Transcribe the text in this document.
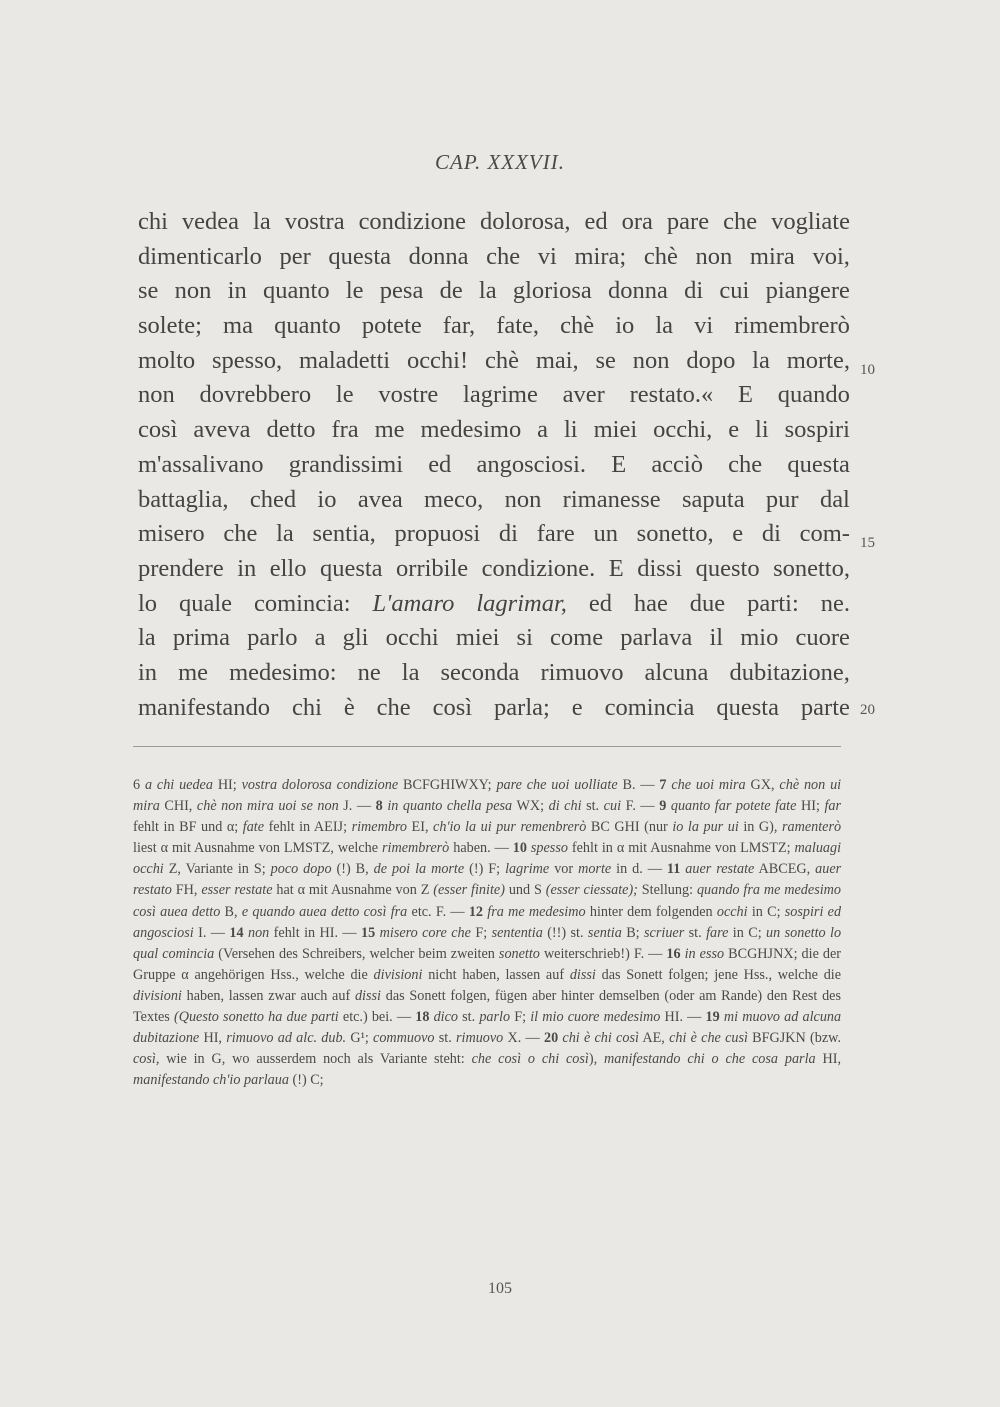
CAP. XXXVII.
chi vedea la vostra condizione dolorosa, ed ora pare che vogliate
dimenticarlo per questa donna che vi mira; chè non mira voi,
se non in quanto le pesa de la gloriosa donna di cui piangere
solete; ma quanto potete far, fate, chè io la vi rimembrerò
molto spesso, maladetti occhi! chè mai, se non dopo la morte,
non dovrebbero le vostre lagrime aver restato.« E quando
così aveva detto fra me medesimo a li miei occhi, e li sospiri
m'assalivano grandissimi ed angosciosi. E acciò che questa
battaglia, ched io avea meco, non rimanesse saputa pur dal
misero che la sentia, propuosi di fare un sonetto, e di com-
prendere in ello questa orribile condizione. E dissi questo sonetto,
lo quale comincia: L'amaro lagrimar, ed hae due parti: ne.
la prima parlo a gli occhi miei si come parlava il mio cuore
in me medesimo: ne la seconda rimuovo alcuna dubitazione,
manifestando chi è che così parla; e comincia questa parte
10
15
20
6 a chi uedea HI; vostra dolorosa condizione BCFGHIWXY; pare che uoi uolliate B. — 7 che uoi mira GX, chè non ui mira CHI, chè non mira uoi se non J. — 8 in quanto chella pesa WX; di chi st. cui F. — 9 quanto far potete fate HI; far fehlt in BF und α; fate fehlt in AEIJ; rimembro EI, ch'io la ui pur remenbrerò BC GHI (nur io la pur ui in G), ramenterò liest α mit Ausnahme von LMSTZ, welche rimembrerò haben. — 10 spesso fehlt in α mit Ausnahme von LMSTZ; maluagi occhi Z, Variante in S; poco dopo (!) B, de poi la morte (!) F; lagrime vor morte in d. — 11 auer restate ABCEG, auer restato FH, esser restate hat α mit Ausnahme von Z (esser finite) und S (esser ciessate); Stellung: quando fra me medesimo così auea detto B, e quando auea detto così fra etc. F. — 12 fra me medesimo hinter dem folgenden occhi in C; sospiri ed angosciosi I. — 14 non fehlt in HI. — 15 misero core che F; sententia (!!) st. sentia B; scriuer st. fare in C; un sonetto lo qual comincia (Versehen des Schreibers, welcher beim zweiten sonetto weiterschrieb!) F. — 16 in esso BCGHJNX; die der Gruppe α angehörigen Hss., welche die divisioni nicht haben, lassen auf dissi das Sonett folgen; jene Hss., welche die divisioni haben, lassen zwar auch auf dissi das Sonett folgen, fügen aber hinter demselben (oder am Rande) den Rest des Textes (Questo sonetto ha due parti etc.) bei. — 18 dico st. parlo F; il mio cuore medesimo HI. — 19 mi muovo ad alcuna dubitazione HI, rimuovo ad alc. dub. G¹; commuovo st. rimuovo X. — 20 chi è chi così AE, chi è che cusì BFGJKN (bzw. così, wie in G, wo ausserdem noch als Variante steht: che così o chi così), manifestando chi o che cosa parla HI, manifestando ch'io parlaua (!) C;
105
